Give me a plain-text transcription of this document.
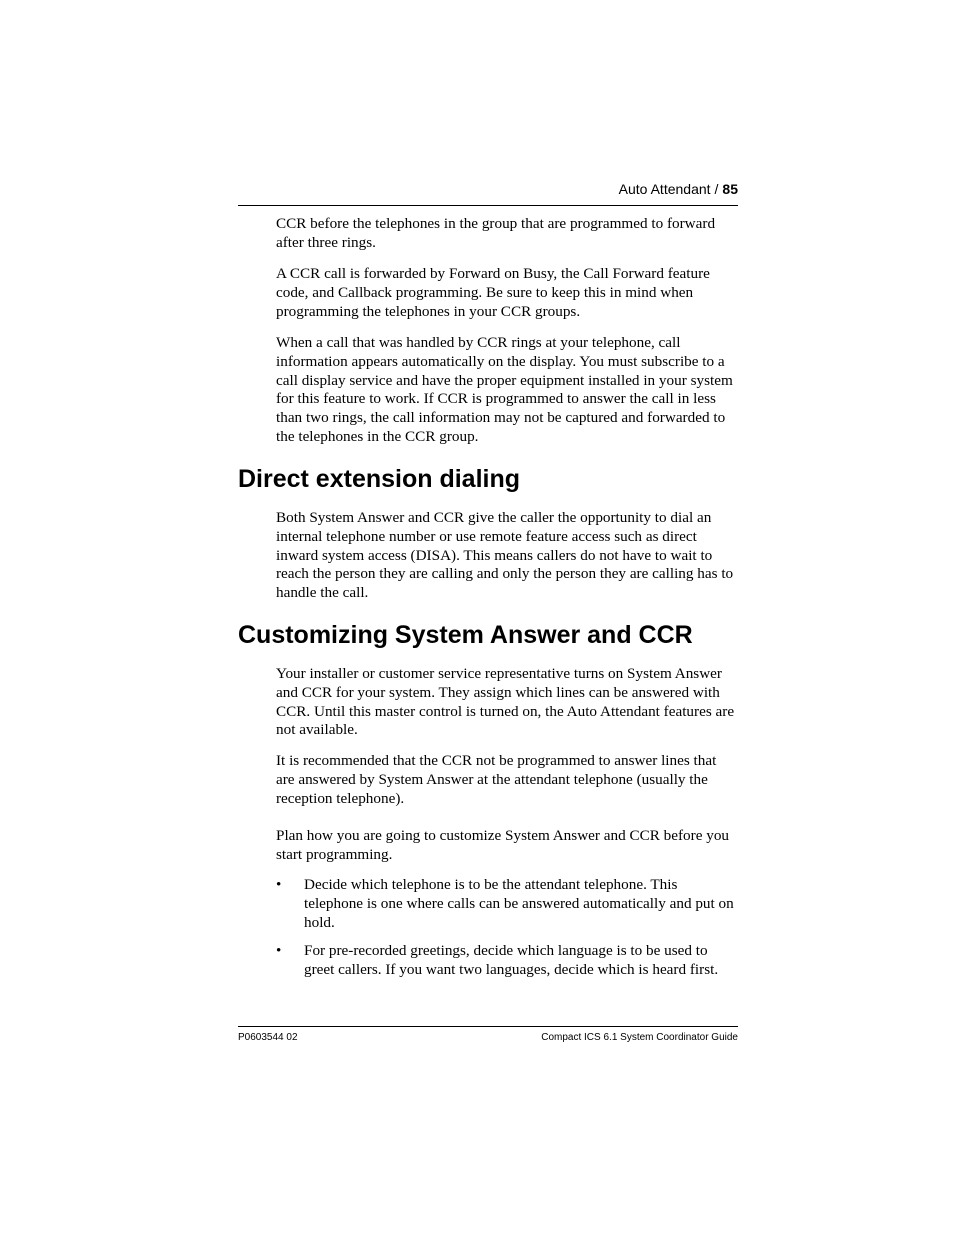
Auto Attendant / 85

CCR before the telephones in the group that are programmed to forward after three rings.

A CCR call is forwarded by Forward on Busy, the Call Forward feature code, and Callback programming. Be sure to keep this in mind when programming the telephones in your CCR groups.

When a call that was handled by CCR rings at your telephone, call information appears automatically on the display. You must subscribe to a call display service and have the proper equipment installed in your system for this feature to work. If CCR is programmed to answer the call in less than two rings, the call information may not be captured and forwarded to the telephones in the CCR group.

Direct extension dialing

Both System Answer and CCR give the caller the opportunity to dial an internal telephone number or use remote feature access such as direct inward system access (DISA). This means callers do not have to wait to reach the person they are calling and only the person they are calling has to handle the call.

Customizing System Answer and CCR

Your installer or customer service representative turns on System Answer and CCR for your system. They assign which lines can be answered with CCR. Until this master control is turned on, the Auto Attendant features are not available.

It is recommended that the CCR not be programmed to answer lines that are answered by System Answer at the attendant telephone (usually the reception telephone).

Plan how you are going to customize System Answer and CCR before you start programming.

• Decide which telephone is to be the attendant telephone. This telephone is one where calls can be answered automatically and put on hold.
• For pre-recorded greetings, decide which language is to be used to greet callers. If you want two languages, decide which is heard first.
P0603544 02	Compact ICS 6.1 System Coordinator Guide
